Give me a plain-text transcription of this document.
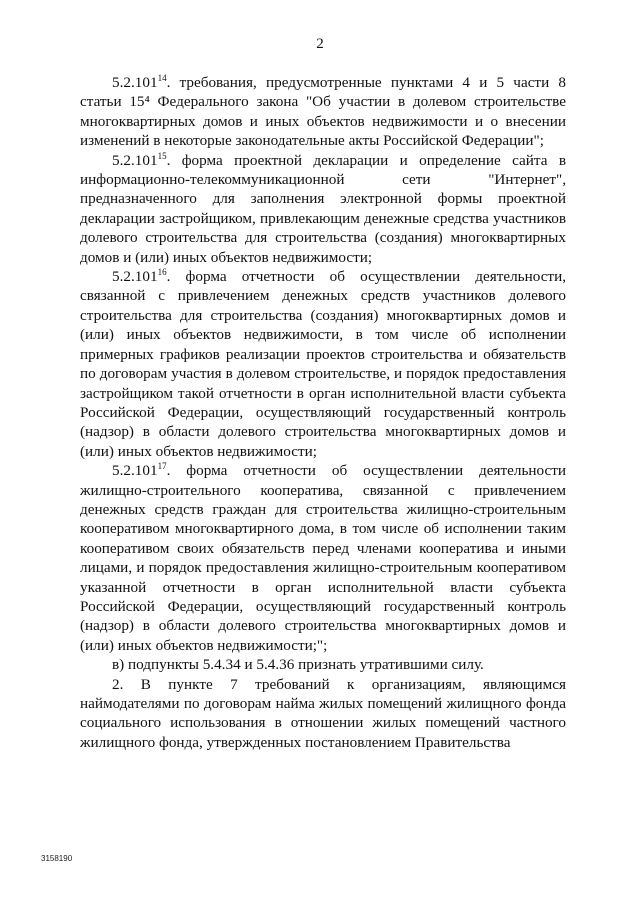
2

5.2.101$^{14}$. требования, предусмотренные пунктами 4 и 5 части 8 статьи 15⁴ Федерального закона "Об участии в долевом строительстве многоквартирных домов и иных объектов недвижимости и о внесении изменений в некоторые законодательные акты Российской Федерации";

5.2.101$^{15}$. форма проектной декларации и определение сайта в информационно-телекоммуникационной сети "Интернет", предназначенного для заполнения электронной формы проектной декларации застройщиком, привлекающим денежные средства участников долевого строительства для строительства (создания) многоквартирных домов и (или) иных объектов недвижимости;

5.2.101$^{16}$. форма отчетности об осуществлении деятельности, связанной с привлечением денежных средств участников долевого строительства для строительства (создания) многоквартирных домов и (или) иных объектов недвижимости, в том числе об исполнении примерных графиков реализации проектов строительства и обязательств по договорам участия в долевом строительстве, и порядок предоставления застройщиком такой отчетности в орган исполнительной власти субъекта Российской Федерации, осуществляющий государственный контроль (надзор) в области долевого строительства многоквартирных домов и (или) иных объектов недвижимости;

5.2.101$^{17}$. форма отчетности об осуществлении деятельности жилищно-строительного кооператива, связанной с привлечением денежных средств граждан для строительства жилищно-строительным кооперативом многоквартирного дома, в том числе об исполнении таким кооперативом своих обязательств перед членами кооператива и иными лицами, и порядок предоставления жилищно-строительным кооперативом указанной отчетности в орган исполнительной власти субъекта Российской Федерации, осуществляющий государственный контроль (надзор) в области долевого строительства многоквартирных домов и (или) иных объектов недвижимости;";

в) подпункты 5.4.34 и 5.4.36 признать утратившими силу.

2. В пункте 7 требований к организациям, являющимся наймодателями по договорам найма жилых помещений жилищного фонда социального использования в отношении жилых помещений частного жилищного фонда, утвержденных постановлением Правительства

3158190
